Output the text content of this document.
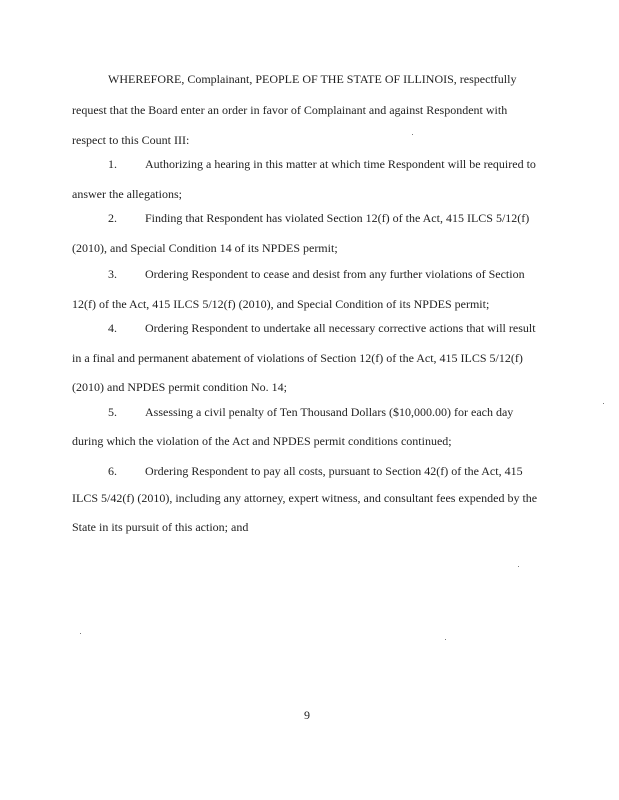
WHEREFORE, Complainant, PEOPLE OF THE STATE OF ILLINOIS, respectfully
request that the Board enter an order in favor of Complainant and against Respondent with
respect to this Count III:
1. Authorizing a hearing in this matter at which time Respondent will be required to
answer the allegations;
2. Finding that Respondent has violated Section 12(f) of the Act, 415 ILCS 5/12(f)
(2010), and Special Condition 14 of its NPDES permit;
3. Ordering Respondent to cease and desist from any further violations of Section
12(f) of the Act, 415 ILCS 5/12(f) (2010), and Special Condition of its NPDES permit;
4. Ordering Respondent to undertake all necessary corrective actions that will result
in a final and permanent abatement of violations of Section 12(f) of the Act, 415 ILCS 5/12(f)
(2010) and NPDES permit condition No. 14;
5. Assessing a civil penalty of Ten Thousand Dollars ($10,000.00) for each day
during which the violation of the Act and NPDES permit conditions continued;
6. Ordering Respondent to pay all costs, pursuant to Section 42(f) of the Act, 415
ILCS 5/42(f) (2010), including any attorney, expert witness, and consultant fees expended by the
State in its pursuit of this action; and
9
